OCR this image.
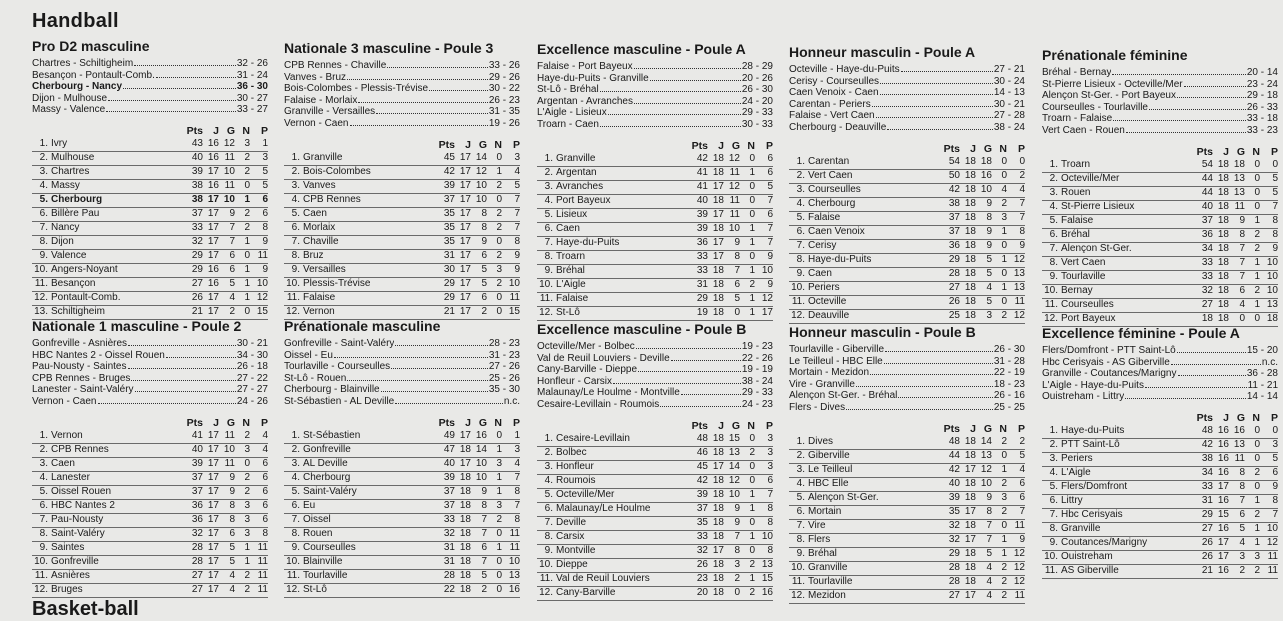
Handball
Pro D2 masculine
Chartres - Schiltigheim	32 - 26
Besançon - Pontault-Comb.	31 - 24
Cherbourg - Nancy	36 - 30
Dijon - Mulhouse	30 - 27
Massy - Valence	33 - 27
Pts J G N	P
1. Ivry	43 16 12 3	1
2. Mulhouse	40 16 11 2	3
3. Chartres	39 17 10 2	5
4. Massy	38 16 11 0	5
5. Cherbourg	38 17 10 1	6
6. Billère Pau	37 17	9 2	6
7. Nancy	33 17	7 2	8
8. Dijon	32 17	7 1	9
9. Valence	29 17	6 0 11
10. Angers-Noyant	29 16	6 1	9
11. Besançon	27 16	5 1 10
12. Pontault-Comb.	26 17	4 1 12
13. Schiltigheim	21 17	2 0 15
Nationale 1 masculine - Poule 2
Gonfreville - Asnières	30 - 21
HBC Nantes 2 - Oissel Rouen	34 - 30
Pau-Nousty - Saintes	26 - 18
CPB Rennes - Bruges	27 - 22
Lanester - Saint-Valéry	27 - 27
Vernon - Caen	24 - 26
Pts J G N	P
1. Vernon	41 17 11 2	4
2. CPB Rennes	40 17 10 3	4
3. Caen	39 17 11 0	6
4. Lanester	37 17	9 2	6
5. Oissel Rouen	37 17	9 2	6
6. HBC Nantes 2	36 17	8 3	6
7. Pau-Nousty	36 17	8 3	6
8. Saint-Valéry	32 17	6 3	8
9. Saintes	28 17	5 1 11
10. Gonfreville	28 17	5 1 11
11. Asnières	27 17	4 2 11
12. Bruges	27 17	4 2 11
Nationale 3 masculine - Poule 3
CPB Rennes - Chaville	33 - 26
Vanves - Bruz	29 - 26
Bois-Colombes - Plessis-Trévise	30 - 22
Falaise - Morlaix	26 - 23
Granville - Versailles	31 - 35
Vernon - Caen	19 - 26
Pts J G N	P
1. Granville	45 17 14 0	3
2. Bois-Colombes	42 17 12 1	4
3. Vanves	39 17 10 2	5
4. CPB Rennes	37 17 10 0	7
5. Caen	35 17	8 2	7
6. Morlaix	35 17	8 2	7
7. Chaville	35 17	9 0	8
8. Bruz	31 17	6 2	9
9. Versailles	30 17	5 3	9
10. Plessis-Trévise	29 17	5 2 10
11. Falaise	29 17	6 0 11
12. Vernon	21 17	2 0 15
Prénationale masculine
Gonfreville - Saint-Valéry	28 - 23
Oissel - Eu	31 - 23
Tourlaville - Courseulles	27 - 26
St-Lô - Rouen	25 - 26
Cherbourg - Blainville	35 - 30
St-Sébastien - AL Deville	n.c.
Pts J G N	P
1. St-Sébastien	49 17 16 0	1
2. Gonfreville	47 18 14 1	3
3. AL Deville	40 17 10 3	4
4. Cherbourg	39 18 10 1	7
5. Saint-Valéry	37 18	9 1	8
6. Eu	37 18	8 3	7
7. Oissel	33 18	7 2	8
8. Rouen	32 18	7 0 11
9. Courseulles	31 18	6 1 11
10. Blainville	31 18	7 0 10
11. Tourlaville	28 18	5 0 13
12. St-Lô	22 18	2 0 16
Excellence masculine - Poule A
Falaise - Port Bayeux	28 - 29
Haye-du-Puits - Granville	20 - 26
St-Lô - Bréhal	26 - 30
Argentan - Avranches	24 - 20
L'Aigle - Lisieux	29 - 33
Troarn - Caen	30 - 33
Pts J G N	P
1. Granville	42 18 12 0	6
2. Argentan	41 18 11 1	6
3. Avranches	41 17 12 0	5
4. Port Bayeux	40 18 11 0	7
5. Lisieux	39 17 11 0	6
6. Caen	39 18 10 1	7
7. Haye-du-Puits	36 17	9 1	7
8. Troarn	33 17	8 0	9
9. Bréhal	33 18	7 1 10
10. L'Aigle	31 18	6 2	9
11. Falaise	29 18	5 1 12
12. St-Lô	19 18	0 1 17
Excellence masculine - Poule B
Octeville/Mer - Bolbec	19 - 23
Val de Reuil Louviers - Deville	22 - 26
Cany-Barville - Dieppe	19 - 19
Honfleur - Carsix	38 - 24
Malaunay/Le Houlme - Montville	29 - 33
Cesaire-Levillain - Roumois	24 - 23
Pts J G N	P
1. Cesaire-Levillain	48 18 15 0	3
2. Bolbec	46 18 13 2	3
3. Honfleur	45 17 14 0	3
4. Roumois	42 18 12 0	6
5. Octeville/Mer	39 18 10 1	7
6. Malaunay/Le Houlme	37 18	9 1	8
7. Deville	35 18	9 0	8
8. Carsix	33 18	7 1 10
9. Montville	32 17	8 0	8
10. Dieppe	26 18	3 2 13
11. Val de Reuil Louviers	23 18	2 1 15
12. Cany-Barville	20 18	0 2 16
Honneur masculin - Poule A
Octeville - Haye-du-Puits	27 - 21
Cerisy - Courseulles	30 - 24
Caen Venoix - Caen	14 - 13
Carentan - Periers	30 - 21
Falaise - Vert Caen	27 - 28
Cherbourg - Deauville	38 - 24
Pts J G N	P
1. Carentan	54 18 18 0	0
2. Vert Caen	50 18 16 0	2
3. Courseulles	42 18 10 4	4
4. Cherbourg	38 18	9 2	7
5. Falaise	37 18	8 3	7
6. Caen Venoix	37 18	9 1	8
7. Cerisy	36 18	9 0	9
8. Haye-du-Puits	29 18	5 1 12
9. Caen	28 18	5 0 13
10. Periers	27 18	4 1 13
11. Octeville	26 18	5 0 11
12. Deauville	25 18	3 2 12
Honneur masculin - Poule B
Tourlaville - Giberville	26 - 30
Le Teilleul - HBC Elle	31 - 28
Mortain - Mezidon	22 - 19
Vire - Granville	18 - 23
Alençon St-Ger. - Bréhal	26 - 16
Flers - Dives	25 - 25
Pts J G N	P
1. Dives	48 18 14 2	2
2. Giberville	44 18 13 0	5
3. Le Teilleul	42 17 12 1	4
4. HBC Elle	40 18 10 2	6
5. Alençon St-Ger.	39 18	9 3	6
6. Mortain	35 17	8 2	7
7. Vire	32 18	7 0 11
8. Flers	32 17	7 1	9
9. Bréhal	29 18	5 1 12
10. Granville	28 18	4 2 12
11. Tourlaville	28 18	4 2 12
12. Mezidon	27 17	4 2 11
Prénationale féminine
Bréhal - Bernay	20 - 14
St-Pierre Lisieux - Octeville/Mer	23 - 24
Alençon St-Ger. - Port Bayeux	29 - 18
Courseulles - Tourlaville	26 - 33
Troarn - Falaise	33 - 18
Vert Caen - Rouen	33 - 23
Pts J G N	P
1. Troarn	54 18 18 0	0
2. Octeville/Mer	44 18 13 0	5
3. Rouen	44 18 13 0	5
4. St-Pierre Lisieux	40 18 11 0	7
5. Falaise	37 18	9 1	8
6. Bréhal	36 18	8 2	8
7. Alençon St-Ger.	34 18	7 2	9
8. Vert Caen	33 18	7 1 10
9. Tourlaville	33 18	7 1 10
10. Bernay	32 18	6 2 10
11. Courseulles	27 18	4 1 13
12. Port Bayeux	18 18	0 0 18
Excellence féminine - Poule A
Flers/Domfront - PTT Saint-Lô	15 - 20
Hbc Cerisyais - AS Giberville	n.c.
Granville - Coutances/Marigny	36 - 28
L'Aigle - Haye-du-Puits	11 - 21
Ouistreham - Littry	14 - 14
Pts J G N	P
1. Haye-du-Puits	48 16 16 0	0
2. PTT Saint-Lô	42 16 13 0	3
3. Periers	38 16 11 0	5
4. L'Aigle	34 16	8 2	6
5. Flers/Domfront	33 17	8 0	9
6. Littry	31 16	7 1	8
7. Hbc Cerisyais	29 15	6 2	7
8. Granville	27 16	5 1 10
9. Coutances/Marigny	26 17	4 1 12
10. Ouistreham	26 17	3 3 11
11. AS Giberville	21 16	2 2 11
Basket-ball
